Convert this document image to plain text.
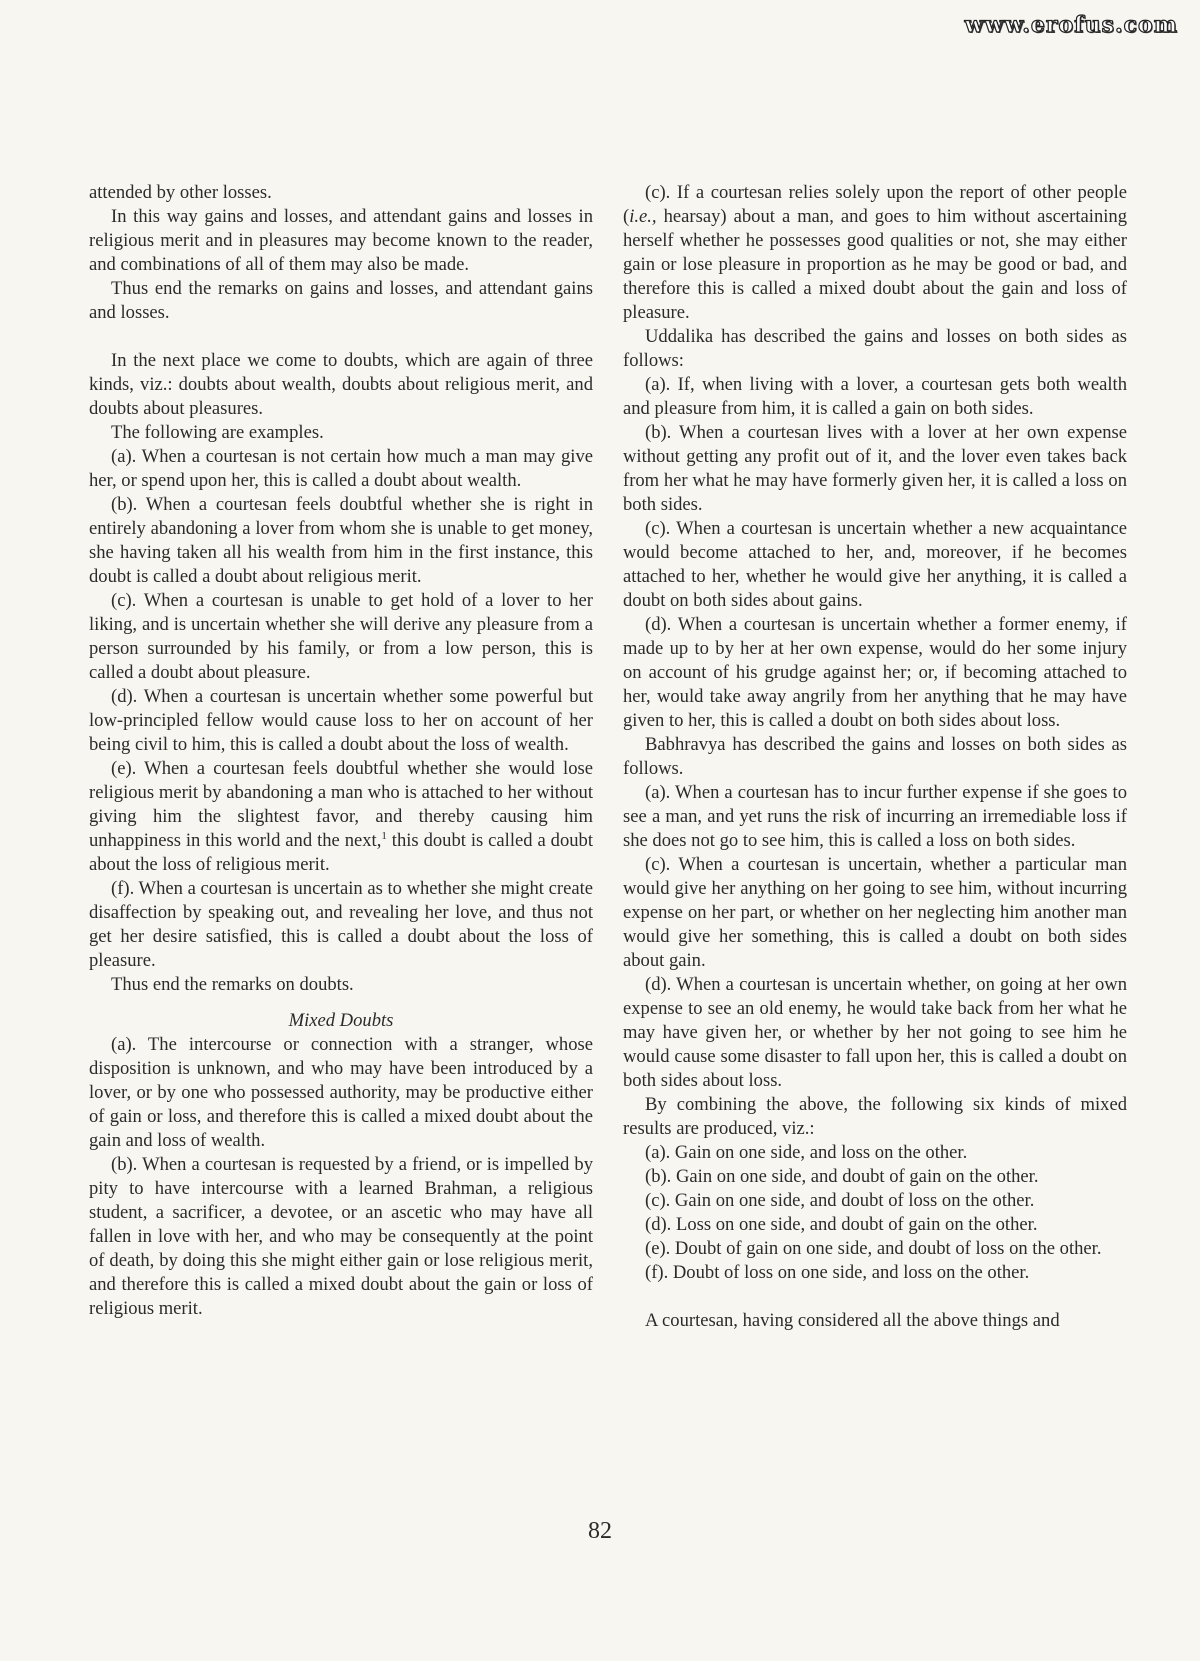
www.erofus.com

attended by other losses.

In this way gains and losses, and attendant gains and losses in religious merit and in pleasures may become known to the reader, and combinations of all of them may also be made.

Thus end the remarks on gains and losses, and attendant gains and losses.

In the next place we come to doubts, which are again of three kinds, viz.: doubts about wealth, doubts about religious merit, and doubts about pleasures.

The following are examples.

(a). When a courtesan is not certain how much a man may give her, or spend upon her, this is called a doubt about wealth.

(b). When a courtesan feels doubtful whether she is right in entirely abandoning a lover from whom she is unable to get money, she having taken all his wealth from him in the first instance, this doubt is called a doubt about religious merit.

(c). When a courtesan is unable to get hold of a lover to her liking, and is uncertain whether she will derive any pleasure from a person surrounded by his family, or from a low person, this is called a doubt about pleasure.

(d). When a courtesan is uncertain whether some powerful but low-principled fellow would cause loss to her on account of her being civil to him, this is called a doubt about the loss of wealth.

(e). When a courtesan feels doubtful whether she would lose religious merit by abandoning a man who is attached to her without giving him the slightest favor, and thereby causing him unhappiness in this world and the next,$^1$ this doubt is called a doubt about the loss of religious merit.

(f). When a courtesan is uncertain as to whether she might create disaffection by speaking out, and revealing her love, and thus not get her desire satisfied, this is called a doubt about the loss of pleasure.

Thus end the remarks on doubts.

Mixed Doubts

(a). The intercourse or connection with a stranger, whose disposition is unknown, and who may have been introduced by a lover, or by one who possessed authority, may be productive either of gain or loss, and therefore this is called a mixed doubt about the gain and loss of wealth.

(b). When a courtesan is requested by a friend, or is impelled by pity to have intercourse with a learned Brahman, a religious student, a sacrificer, a devotee, or an ascetic who may have all fallen in love with her, and who may be consequently at the point of death, by doing this she might either gain or lose religious merit, and therefore this is called a mixed doubt about the gain or loss of religious merit.

(c). If a courtesan relies solely upon the report of other people (i.e., hearsay) about a man, and goes to him without ascertaining herself whether he possesses good qualities or not, she may either gain or lose pleasure in proportion as he may be good or bad, and therefore this is called a mixed doubt about the gain and loss of pleasure.

Uddalika has described the gains and losses on both sides as follows:

(a). If, when living with a lover, a courtesan gets both wealth and pleasure from him, it is called a gain on both sides.

(b). When a courtesan lives with a lover at her own expense without getting any profit out of it, and the lover even takes back from her what he may have formerly given her, it is called a loss on both sides.

(c). When a courtesan is uncertain whether a new acquaintance would become attached to her, and, moreover, if he becomes attached to her, whether he would give her anything, it is called a doubt on both sides about gains.

(d). When a courtesan is uncertain whether a former enemy, if made up to by her at her own expense, would do her some injury on account of his grudge against her; or, if becoming attached to her, would take away angrily from her anything that he may have given to her, this is called a doubt on both sides about loss.

Babhravya has described the gains and losses on both sides as follows.

(a). When a courtesan has to incur further expense if she goes to see a man, and yet runs the risk of incurring an irremediable loss if she does not go to see him, this is called a loss on both sides.

(c). When a courtesan is uncertain, whether a particular man would give her anything on her going to see him, without incurring expense on her part, or whether on her neglecting him another man would give her something, this is called a doubt on both sides about gain.

(d). When a courtesan is uncertain whether, on going at her own expense to see an old enemy, he would take back from her what he may have given her, or whether by her not going to see him he would cause some disaster to fall upon her, this is called a doubt on both sides about loss.

By combining the above, the following six kinds of mixed results are produced, viz.:

(a). Gain on one side, and loss on the other.

(b). Gain on one side, and doubt of gain on the other.

(c). Gain on one side, and doubt of loss on the other.

(d). Loss on one side, and doubt of gain on the other.

(e). Doubt of gain on one side, and doubt of loss on the other.

(f). Doubt of loss on one side, and loss on the other.

A courtesan, having considered all the above things and

82
